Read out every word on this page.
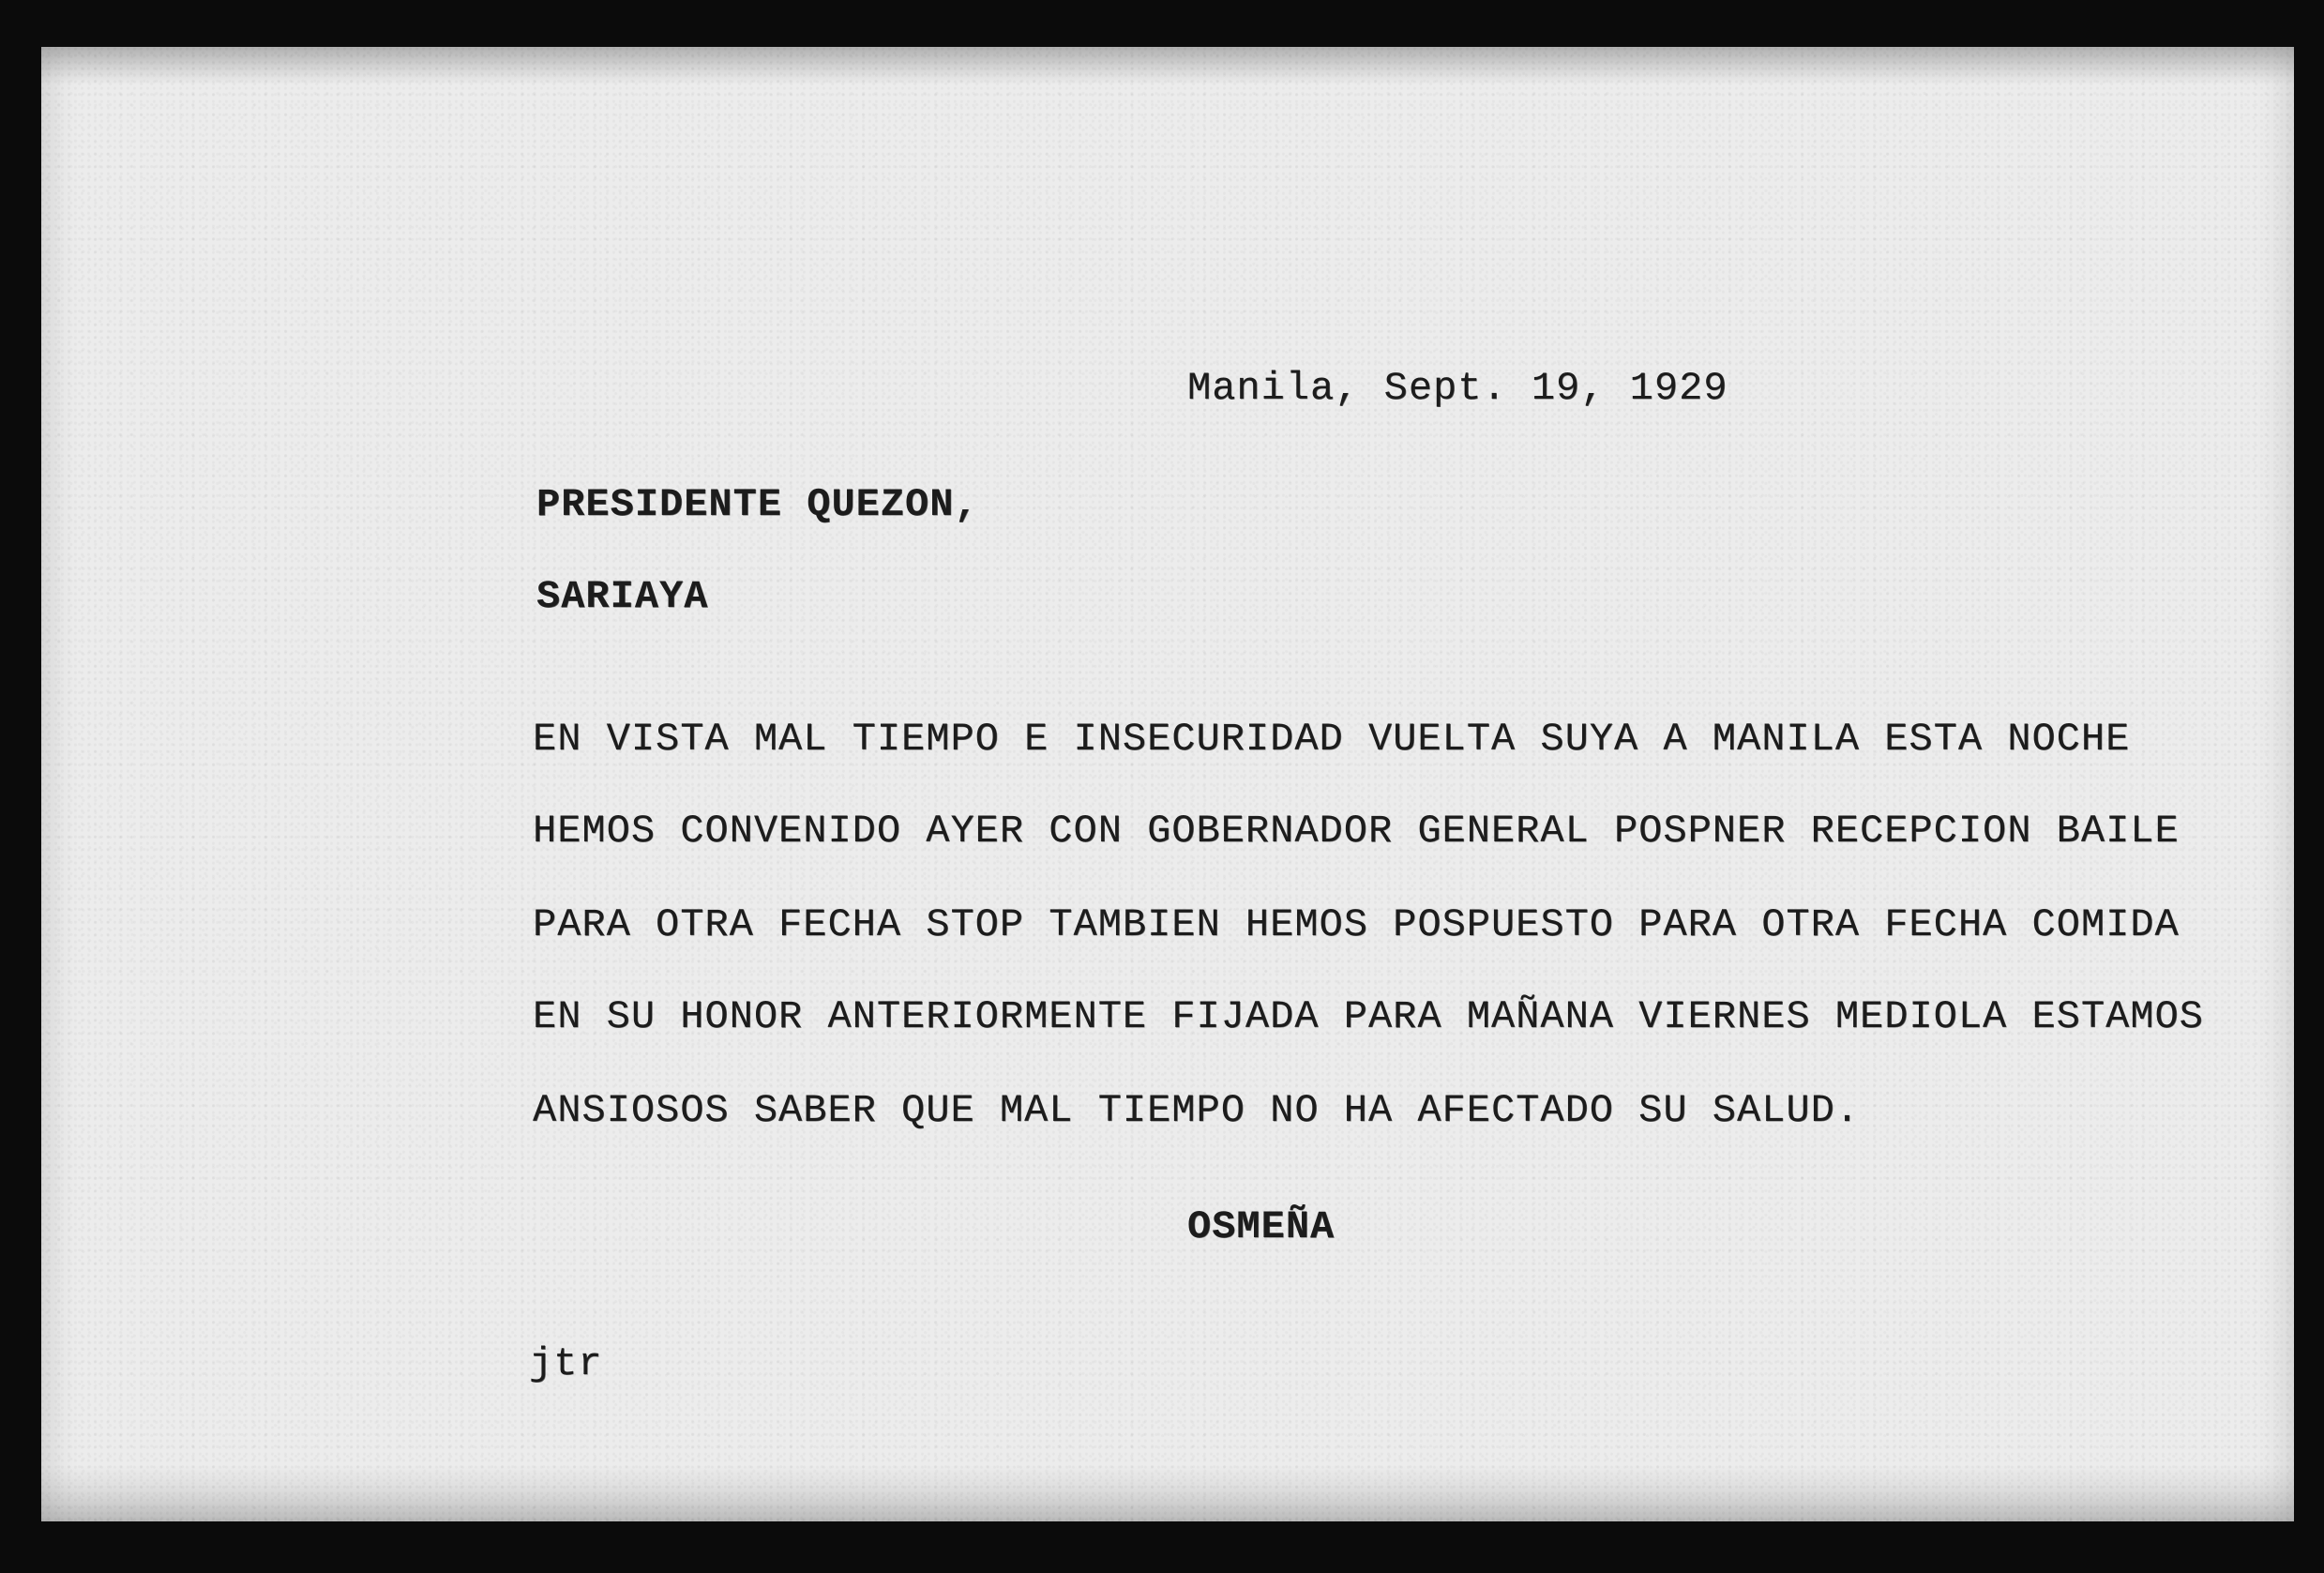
Manila, Sept. 19, 1929
PRESIDENTE QUEZON,
SARIAYA
EN VISTA MAL TIEMPO E INSECURIDAD VUELTA SUYA A MANILA ESTA NOCHE
HEMOS CONVENIDO AYER CON GOBERNADOR GENERAL POSPNER RECEPCION BAILE
PARA OTRA FECHA STOP TAMBIEN HEMOS POSPUESTO PARA OTRA FECHA COMIDA
EN SU HONOR ANTERIORMENTE FIJADA PARA MAÑANA VIERNES MEDIOLA ESTAMOS
ANSIOSOS SABER QUE MAL TIEMPO NO HA AFECTADO SU SALUD.
OSMEÑA
jtr
